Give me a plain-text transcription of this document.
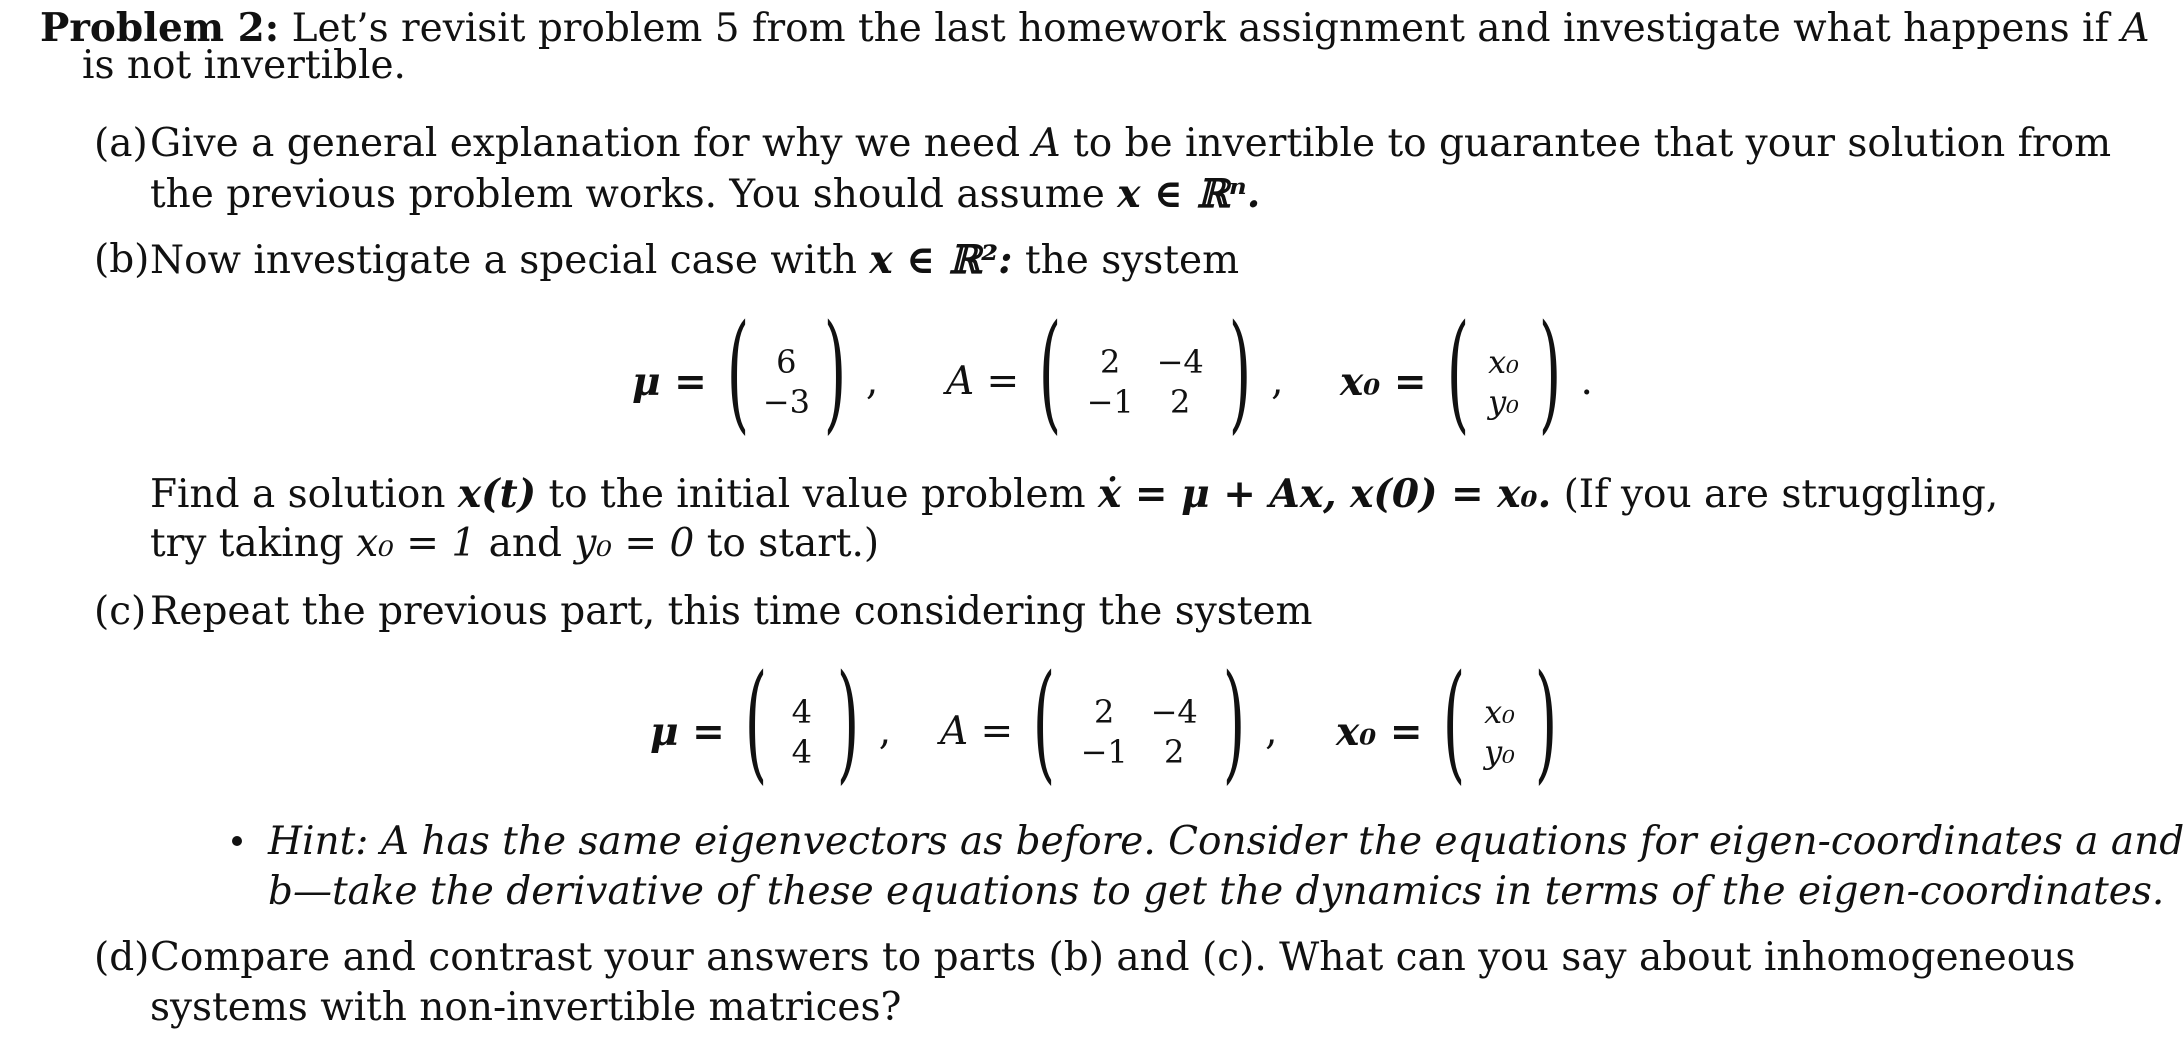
Problem 2: Let’s revisit problem 5 from the last homework assignment and investigate what happens if A
is not invertible.
(a) Give a general explanation for why we need A to be invertible to guarantee that your solution from
the previous problem works. You should assume x ∈ ℝⁿ.
(b) Now investigate a special case with x ∈ ℝ²: the system
μ = ( 6
−3 ) , A = (	2	−4
−1	2 ) , x₀ = ( x₀
y₀ ) .
Find a solution x(t) to the initial value problem ẋ = μ + Ax, x(0) = x₀. (If you are struggling,
try taking x₀ = 1 and y₀ = 0 to start.)
(c) Repeat the previous part, this time considering the system
μ = ( 4
4 ) , A = (	2	−4
−1	2 ) , x₀ = ( x₀
y₀ )
Hint: A has the same eigenvectors as before. Consider the equations for eigen-coordinates a and
b—take the derivative of these equations to get the dynamics in terms of the eigen-coordinates.
(d) Compare and contrast your answers to parts (b) and (c). What can you say about inhomogeneous
systems with non-invertible matrices?
